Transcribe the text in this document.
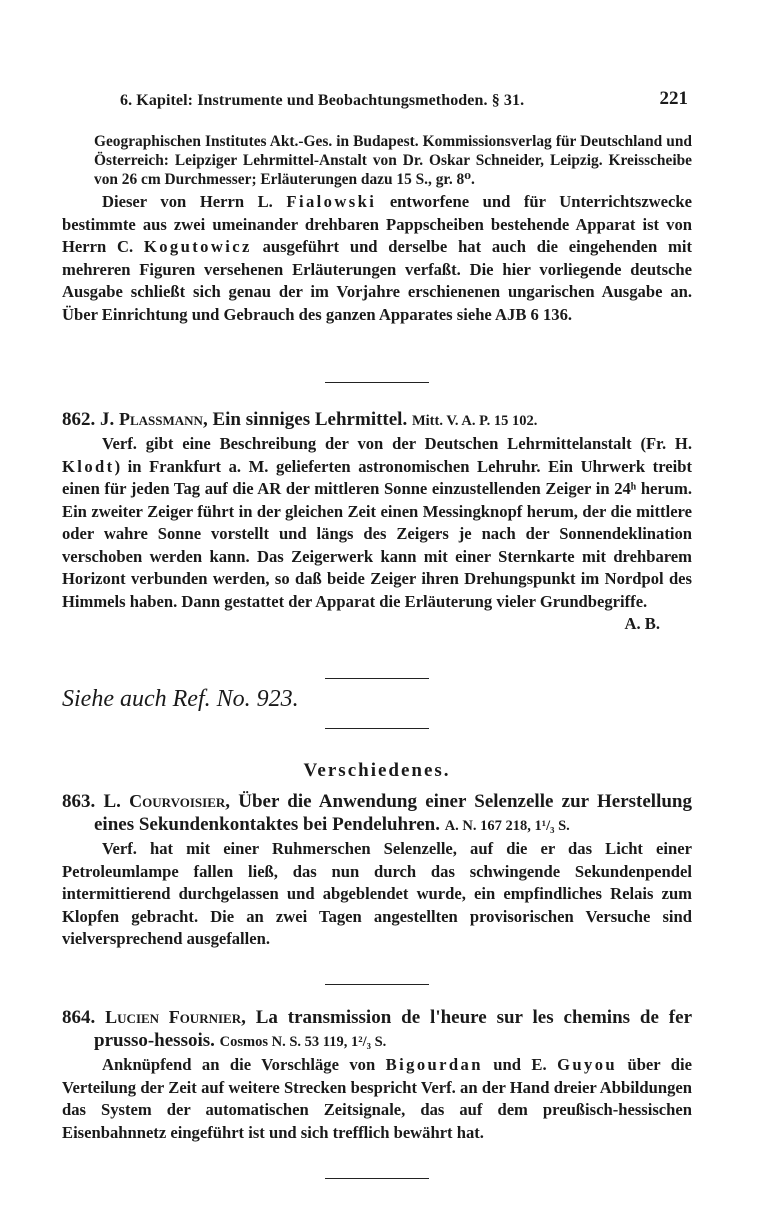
6. Kapitel: Instrumente und Beobachtungsmethoden. § 31.	221

Geographischen Institutes Akt.-Ges. in Budapest. Kommissionsverlag für Deutschland und Österreich: Leipziger Lehrmittel-Anstalt von Dr. Oskar Schneider, Leipzig. Kreisscheibe von 26 cm Durchmesser; Erläuterungen dazu 15 S., gr. 8⁰.

Dieser von Herrn L. Fialowski entworfene und für Unterrichtszwecke bestimmte aus zwei umeinander drehbaren Pappscheiben bestehende Apparat ist von Herrn C. Kogutowicz ausgeführt und derselbe hat auch die eingehenden mit mehreren Figuren versehenen Erläuterungen verfaßt. Die hier vorliegende deutsche Ausgabe schließt sich genau der im Vorjahre erschienenen ungarischen Ausgabe an. Über Einrichtung und Gebrauch des ganzen Apparates siehe AJB 6 136.

862. J. Plassmann, Ein sinniges Lehrmittel. Mitt. V. A. P. 15 102.

Verf. gibt eine Beschreibung der von der Deutschen Lehrmittelanstalt (Fr. H. Klodt) in Frankfurt a. M. gelieferten astronomischen Lehruhr. Ein Uhrwerk treibt einen für jeden Tag auf die AR der mittleren Sonne einzustellenden Zeiger in 24ʰ herum. Ein zweiter Zeiger führt in der gleichen Zeit einen Messingknopf herum, der die mittlere oder wahre Sonne vorstellt und längs des Zeigers je nach der Sonnendeklination verschoben werden kann. Das Zeigerwerk kann mit einer Sternkarte mit drehbarem Horizont verbunden werden, so daß beide Zeiger ihren Drehungspunkt im Nordpol des Himmels haben. Dann gestattet der Apparat die Erläuterung vieler Grundbegriffe.
A. B.

Siehe auch Ref. No. 923.

Verschiedenes.

863. L. Courvoisier, Über die Anwendung einer Selenzelle zur Herstellung eines Sekundenkontaktes bei Pendeluhren. A. N. 167 218, 1¹/₃ S.

Verf. hat mit einer Ruhmerschen Selenzelle, auf die er das Licht einer Petroleumlampe fallen ließ, das nun durch das schwingende Sekundenpendel intermittierend durchgelassen und abgeblendet wurde, ein empfindliches Relais zum Klopfen gebracht. Die an zwei Tagen angestellten provisorischen Versuche sind vielversprechend ausgefallen.

864. Lucien Fournier, La transmission de l'heure sur les chemins de fer prusso-hessois. Cosmos N. S. 53 119, 1²/₃ S.

Anknüpfend an die Vorschläge von Bigourdan und E. Guyou über die Verteilung der Zeit auf weitere Strecken bespricht Verf. an der Hand dreier Abbildungen das System der automatischen Zeitsignale, das auf dem preußisch-hessischen Eisenbahnnetz eingeführt ist und sich trefflich bewährt hat.
